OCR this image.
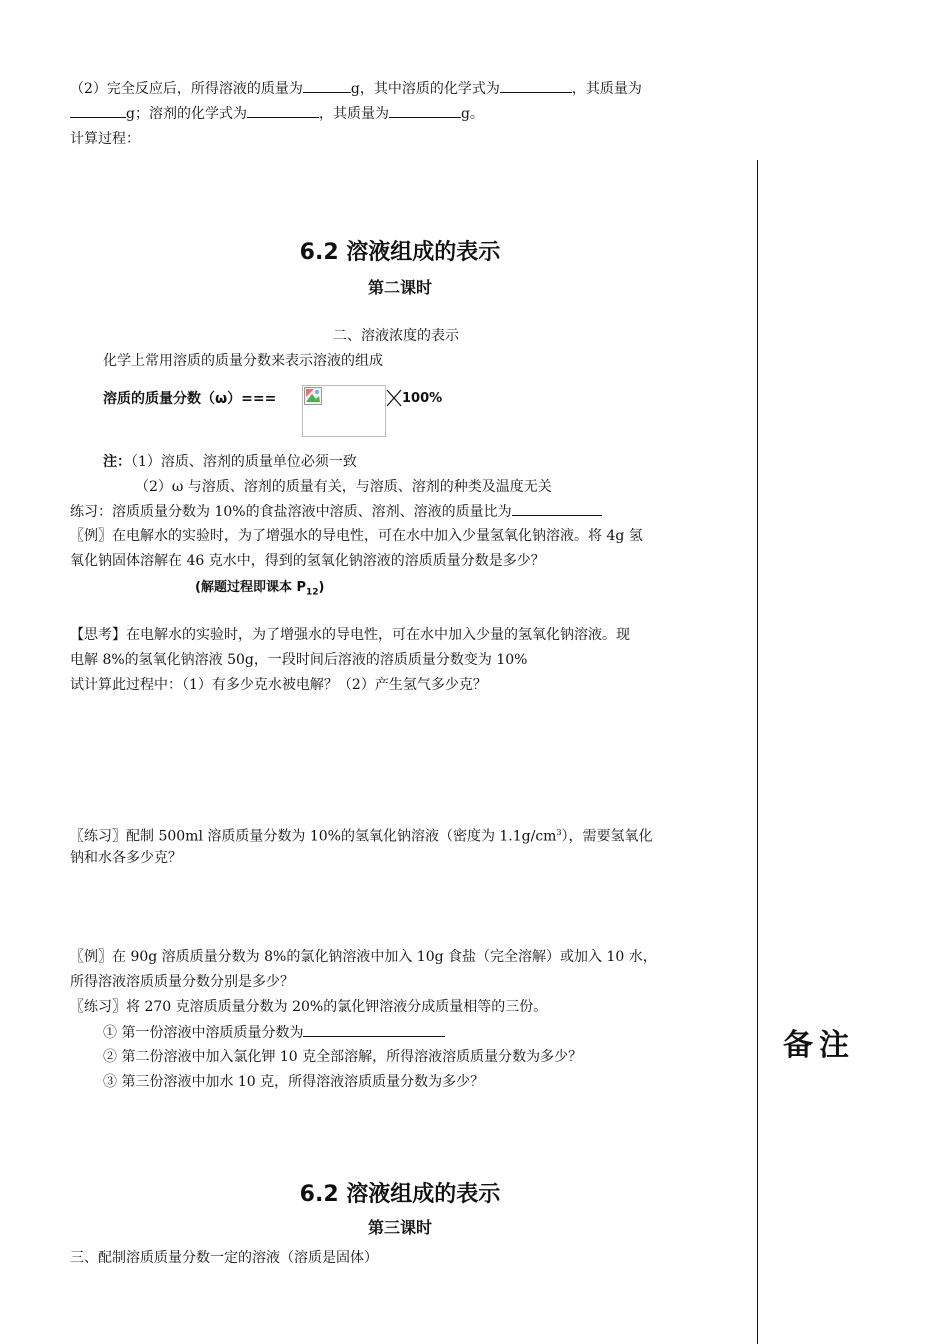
（2）完全反应后，所得溶液的质量为	g，其中溶质的化学式为	，其质量为
g；溶剂的化学式为	，其质量为	g。
计算过程：
6.2 溶液组成的表示
第二课时
二、溶液浓度的表示
化学上常用溶质的质量分数来表示溶液的组成
溶质的质量分数（ω）===	100%
注：（1）溶质、溶剂的质量单位必须一致
（2）ω 与溶质、溶剂的质量有关，与溶质、溶剂的种类及温度无关
练习：溶质质量分数为 10%的食盐溶液中溶质、溶剂、溶液的质量比为
〖例〗在电解水的实验时，为了增强水的导电性，可在水中加入少量氢氧化钠溶液。将 4g 氢
氧化钠固体溶解在 46 克水中，得到的氢氧化钠溶液的溶质质量分数是多少？
(解题过程即课本 $P_{12}$)
【思考】在电解水的实验时，为了增强水的导电性，可在水中加入少量的氢氧化钠溶液。现
电解 8%的氢氧化钠溶液 50g，一段时间后溶液的溶质质量分数变为 10%
试计算此过程中：（1）有多少克水被电解？（2）产生氢气多少克？
〖练习〗配制 500ml 溶质质量分数为 10%的氢氧化钠溶液（密度为 $1.1g/cm^3$），需要氢氧化
钠和水各多少克？
〖例〗在 90g 溶质质量分数为 8%的氯化钠溶液中加入 10g 食盐（完全溶解）或加入 10 水，
所得溶液溶质质量分数分别是多少？
〖练习〗将 270 克溶质质量分数为 20%的氯化钾溶液分成质量相等的三份。
① 第一份溶液中溶质质量分数为
② 第二份溶液中加入氯化钾 10 克全部溶解，所得溶液溶质质量分数为多少？
③ 第三份溶液中加水 10 克，所得溶液溶质质量分数为多少？
备注
6.2 溶液组成的表示
第三课时
三、配制溶质质量分数一定的溶液（溶质是固体）
